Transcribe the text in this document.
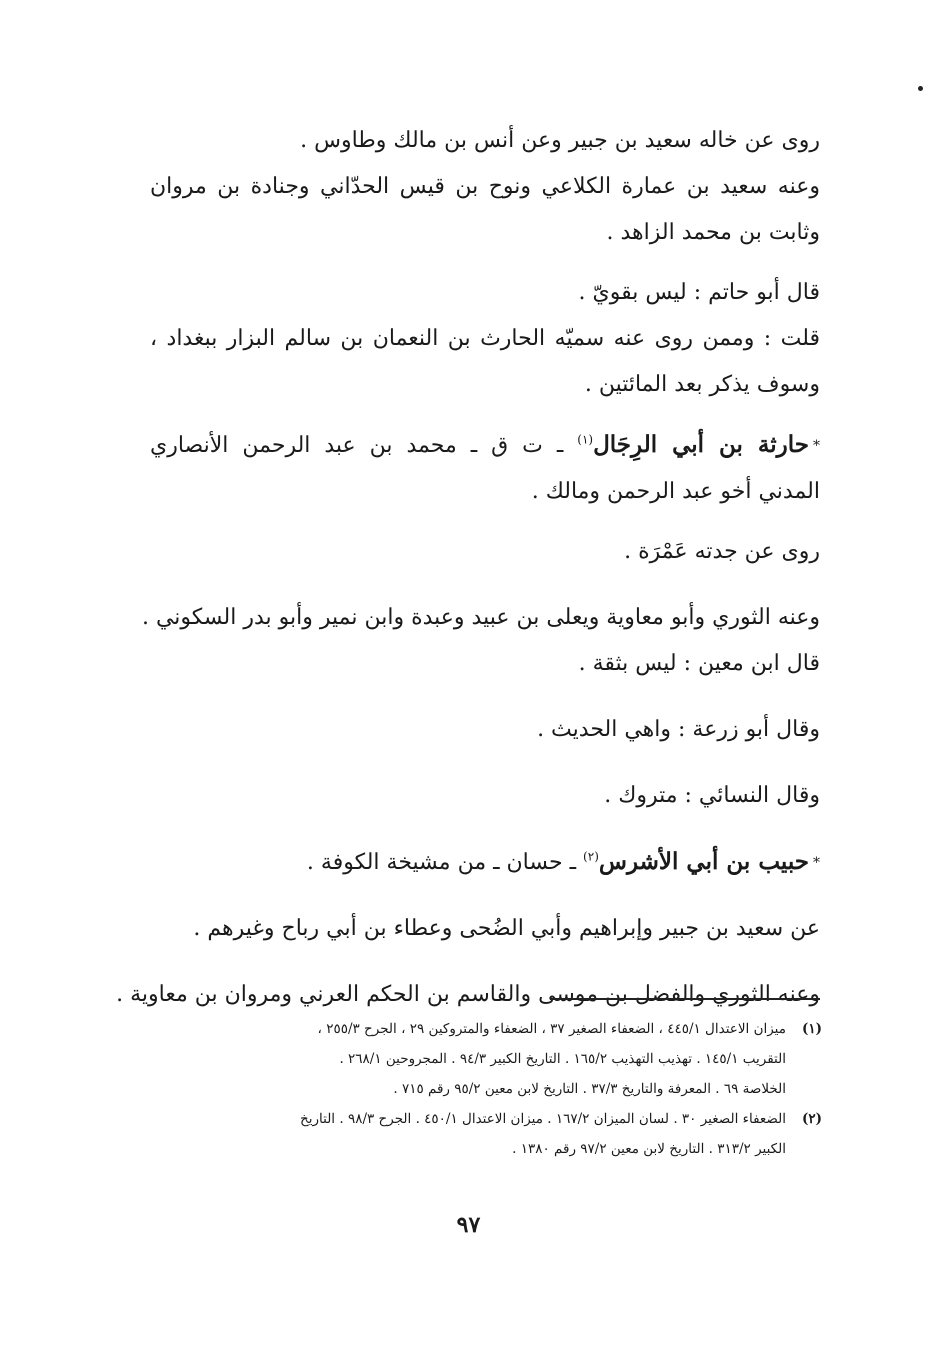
روى عن خاله سعيد بن جبير وعن أنس بن مالك وطاوس .
وعنه سعيد بن عمارة الكلاعي ونوح بن قيس الحدّاني وجنادة بن مروان
وثابت بن محمد الزاهد .
قال أبو حاتم : ليس بقويّ .
قلت : وممن روى عنه سميّه الحارث بن النعمان بن سالم البزار ببغداد ،
وسوف يذكر بعد المائتين .
*حارثة بن أبي الرِجَال$^{(١)}$ ـ ت ق ـ محمد بن عبد الرحمن الأنصاري
المدني أخو عبد الرحمن ومالك .
روى عن جدته عَمْرَة .
وعنه الثوري وأبو معاوية ويعلى بن عبيد وعبدة وابن نمير وأبو بدر السكوني .
قال ابن معين : ليس بثقة .
وقال أبو زرعة : واهي الحديث .
وقال النسائي : متروك .
*حبيب بن أبي الأشرس$^{(٢)}$ ـ حسان ـ من مشيخة الكوفة .
عن سعيد بن جبير وإبراهيم وأبي الضُحى وعطاء بن أبي رباح وغيرهم .
وعنه الثوري والفضل بن موسى والقاسم بن الحكم العرني ومروان بن معاوية .
(١)
ميزان الاعتدال ٤٤٥/١ ، الضعفاء الصغير ٣٧ ، الضعفاء والمتروكين ٢٩ ، الجرح ٢٥٥/٣ ،
التقريب ١٤٥/١ . تهذيب التهذيب ١٦٥/٢ . التاريخ الكبير ٩٤/٣ . المجروحين ٢٦٨/١ .
الخلاصة ٦٩ . المعرفة والتاريخ ٣٧/٣ . التاريخ لابن معين ٩٥/٢ رقم ٧١٥ .
(٢)
الضعفاء الصغير ٣٠ . لسان الميزان ١٦٧/٢ . ميزان الاعتدال ٤٥٠/١ . الجرح ٩٨/٣ . التاريخ
الكبير ٣١٣/٢ . التاريخ لابن معين ٩٧/٢ رقم ١٣٨٠ .
٩٧
